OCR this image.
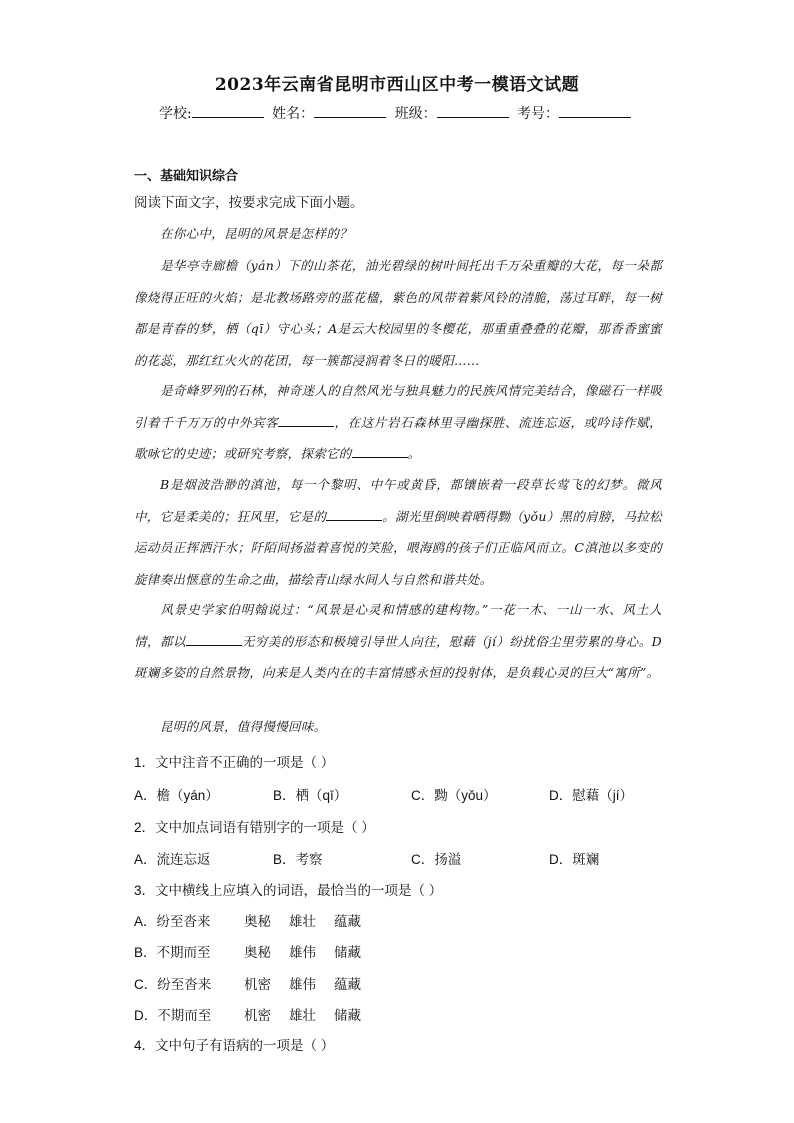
2023年云南省昆明市西山区中考一模语文试题
学校:	姓名：	班级：	考号：
一、基础知识综合
阅读下面文字，按要求完成下面小题。
在你心中，昆明的风景是怎样的？
是华亭寺廊檐（yán）下的山茶花，油光碧绿的树叶间托出千万朵重瓣的大花，每一朵都像烧得正旺的火焰；是北教场路旁的蓝花楹，紫色的风带着紫风铃的清脆，荡过耳畔，每一树都是青春的梦，栖（qī）守心头；A是云大校园里的冬樱花，那重重叠叠的花瓣，那香香蜜蜜的花蕊，那红红火火的花团，每一簇都浸润着冬日的暖阳……
是奇峰罗列的石林，神奇迷人的自然风光与独具魅力的民族风情完美结合，像磁石一样吸引着千千万万的中外宾客	，在这片岩石森林里寻幽探胜、流连忘返，或吟诗作赋，歌咏它的史迹；或研究考察，探索它的	。
B是烟波浩渺的滇池，每一个黎明、中午或黄昏，都镶嵌着一段草长莺飞的幻梦。微风中，它是柔美的；狂风里，它是的	。湖光里倒映着晒得黝（yǒu）黑的肩膀，马拉松运动员正挥洒汗水；阡陌间扬溢着喜悦的笑脸，喂海鸥的孩子们正临风而立。C滇池以多变的旋律奏出惬意的生命之曲，描绘青山绿水间人与自然和谐共处。
风景史学家伯明翰说过：“风景是心灵和情感的建构物。”一花一木、一山一水、风土人情，都以	无穷美的形态和极境引导世人向往，慰藉（jí）纷扰俗尘里劳累的身心。D斑斓多姿的自然景物，向来是人类内在的丰富情感永恒的投射体，是负载心灵的巨大“寓所”。
昆明的风景，值得慢慢回味。
1．文中注音不正确的一项是（ ）
A．檐（yán）	B．栖（qī）	C．黝（yǒu）	D．慰藉（jí）
2．文中加点词语有错别字的一项是（ ）
A．流连忘返	B．考察	C．扬溢	D．斑斓
3．文中横线上应填入的词语，最恰当的一项是（ ）
A．纷至沓来 奥秘 雄壮 蕴藏
B．不期而至 奥秘 雄伟 储藏
C．纷至沓来 机密 雄伟 蕴藏
D．不期而至 机密 雄壮 储藏
4．文中句子有语病的一项是（ ）
